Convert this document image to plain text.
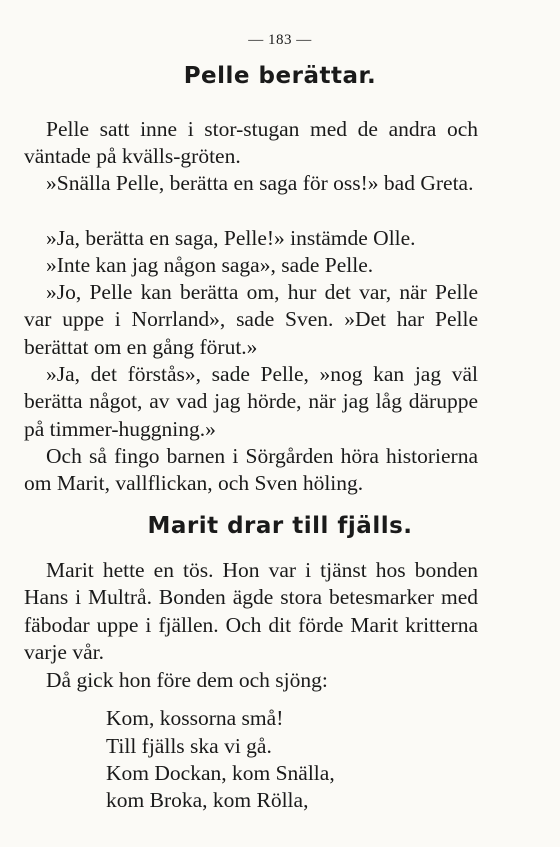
— 183 —
Pelle berättar.
Pelle satt inne i stor-stugan med de andra och väntade på kvälls-gröten.
»Snälla Pelle, berätta en saga för oss!» bad Greta.
»Ja, berätta en saga, Pelle!» instämde Olle.
»Inte kan jag någon saga», sade Pelle.
»Jo, Pelle kan berätta om, hur det var, när Pelle var uppe i Norrland», sade Sven. »Det har Pelle berättat om en gång förut.»
»Ja, det förstås», sade Pelle, »nog kan jag väl berätta något, av vad jag hörde, när jag låg däruppe på timmer-huggning.»
Och så fingo barnen i Sörgården höra historierna om Marit, vallflickan, och Sven höling.
Marit drar till fjälls.
Marit hette en tös. Hon var i tjänst hos bonden Hans i Multrå. Bonden ägde stora betesmarker med fäbodar uppe i fjällen. Och dit förde Marit kritterna varje vår.
Då gick hon före dem och sjöng:
Kom, kossorna små!
Till fjälls ska vi gå.
Kom Dockan, kom Snälla,
kom Broka, kom Rölla,
